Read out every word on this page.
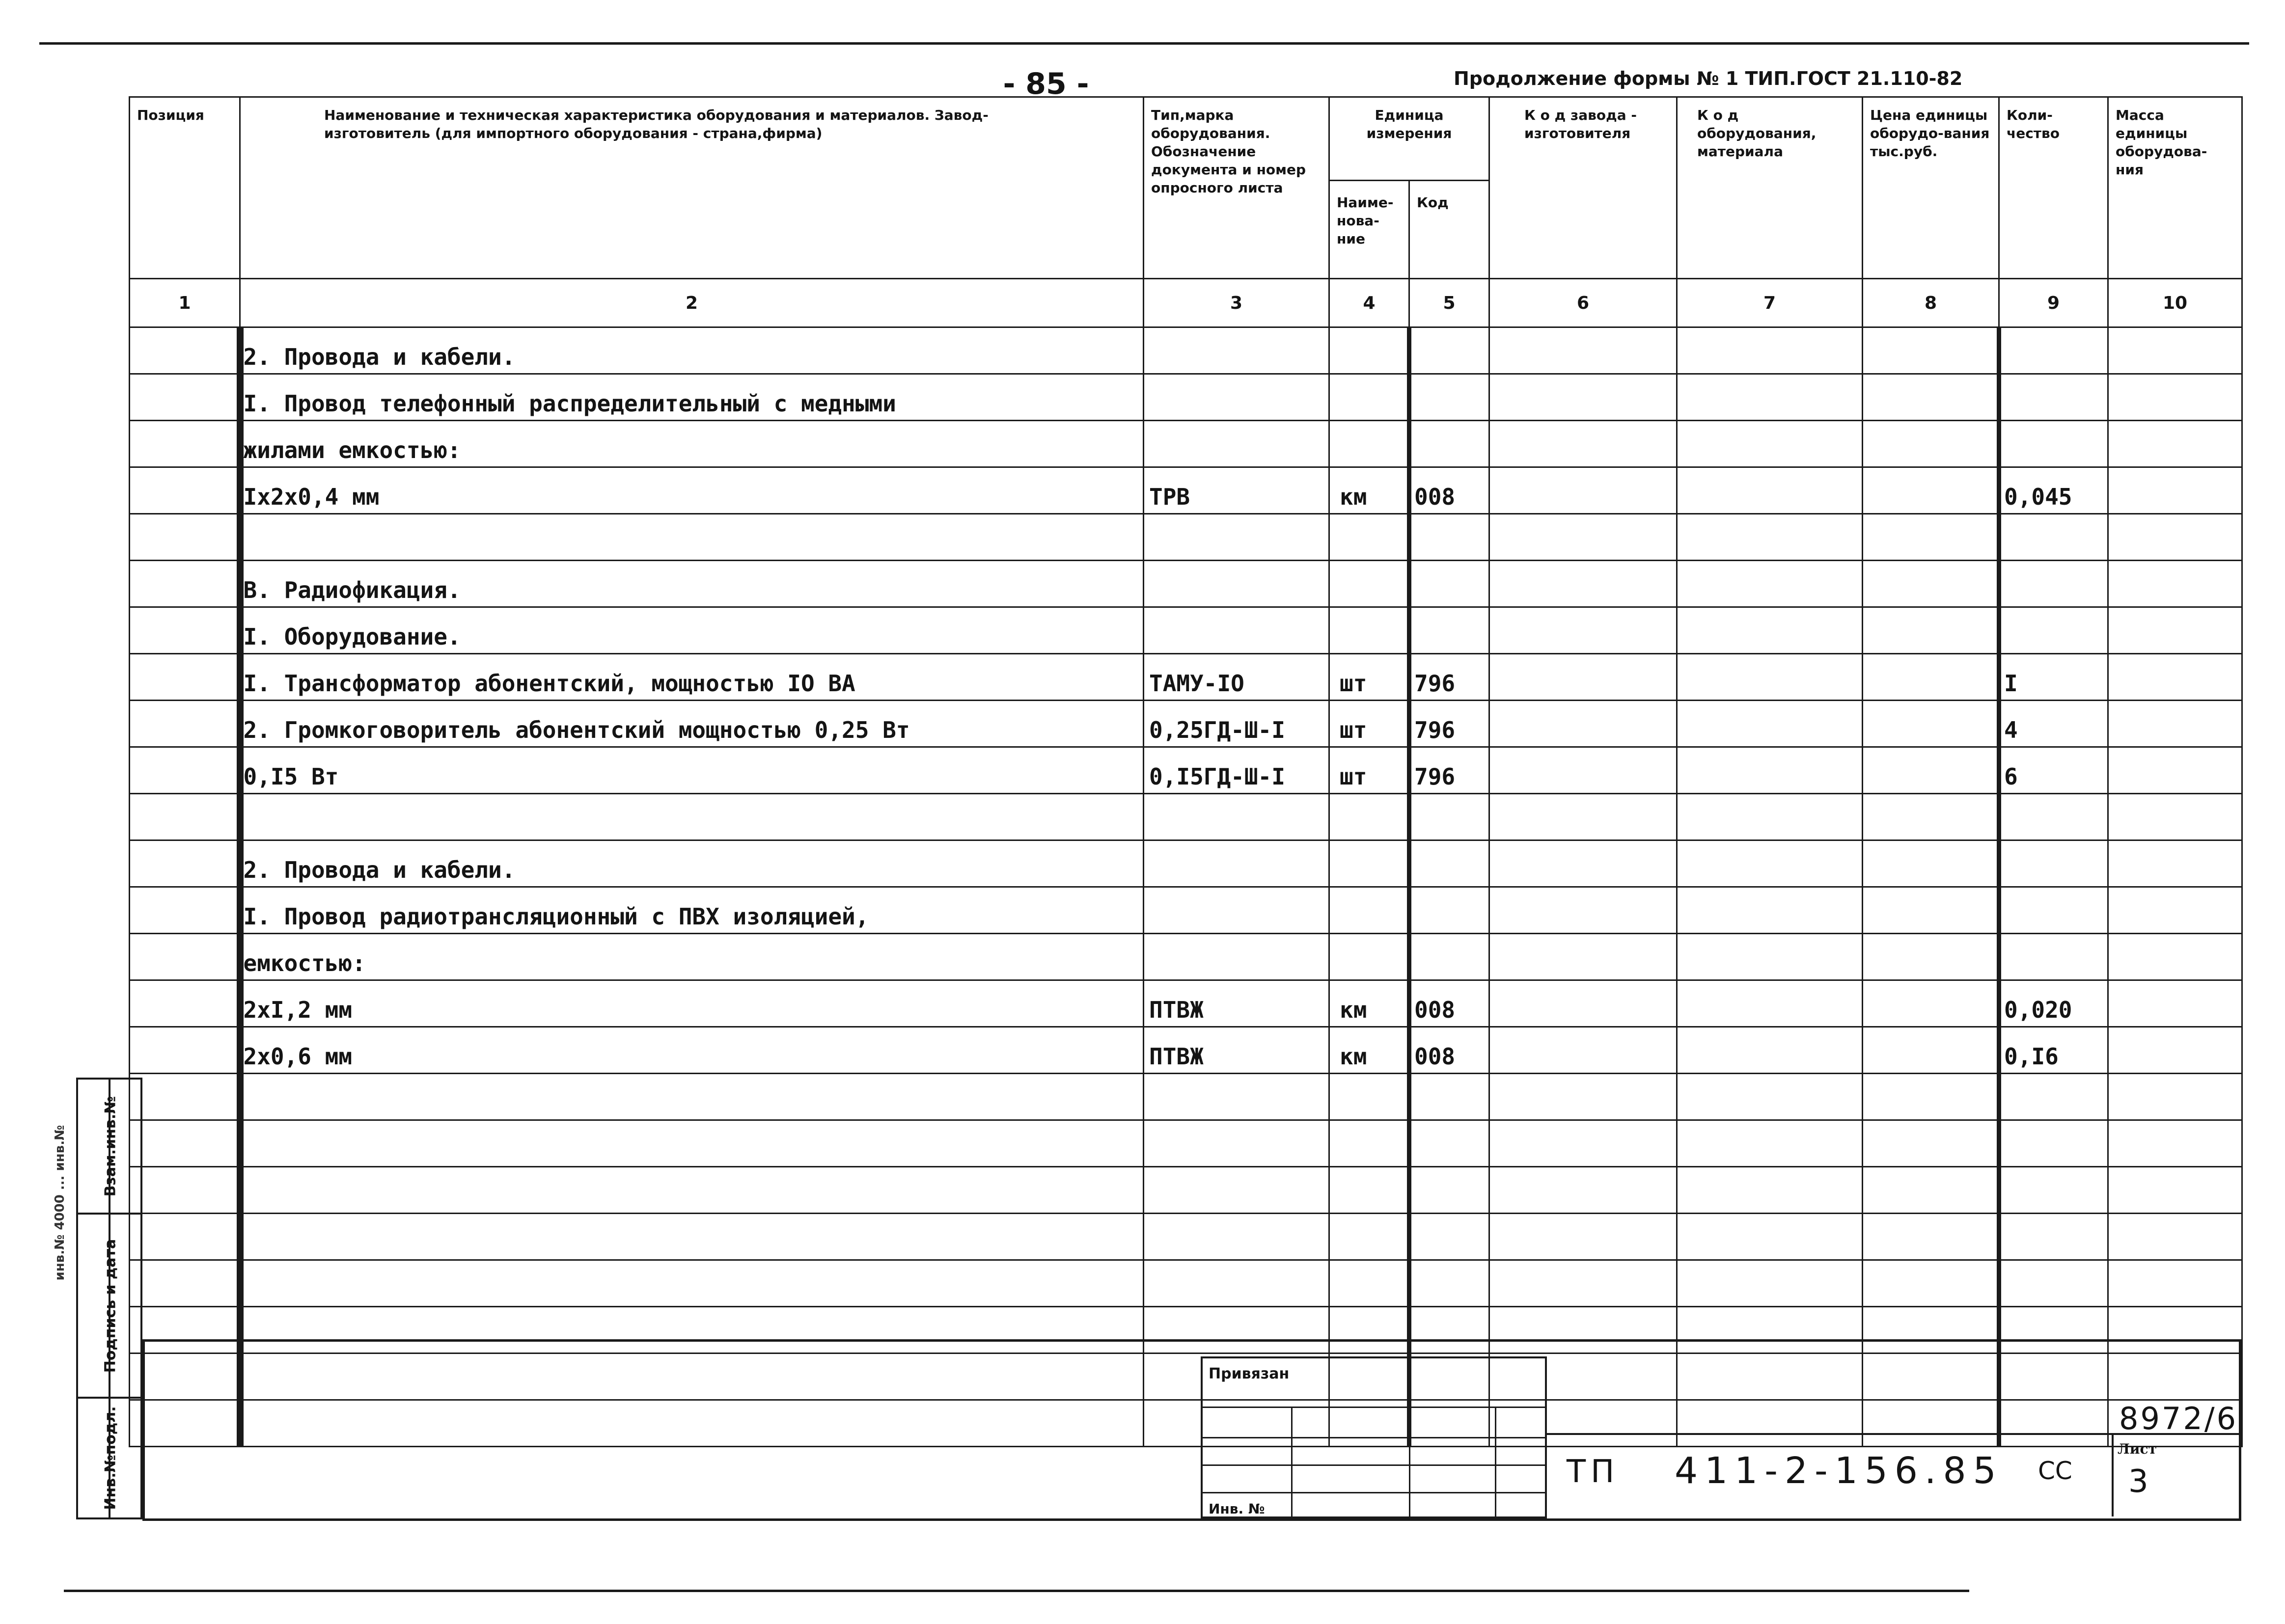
- 85 -	Продолжение формы № 1 ТИП.ГОСТ 21.110-82
Позиция	Наименование и техническая характеристика оборудования и материалов. Завод-изготовитель (для импортного оборудования - страна,фирма)	Тип,марка оборудования. Обозначение документа и номер опросного листа	Единица измерения		К о д завода - изготовителя	К о д оборудования, материала	Цена единицы оборудо-вания тыс.руб.	Коли-чество	Масса единицы оборудова-ния
			Наиме-нова-ние	Код					
1	2	3	4	5	6	7	8	9	10
	2. Провода и кабели.								
	I. Провод телефонный распределительный с медными								
	жилами емкостью:								
	Iх2х0,4 мм	ТРВ	км	008				0,045	

	В. Радиофикация.								
	I. Оборудование.								
	I. Трансформатор абонентский, мощностью IO ВА	ТАМУ-IO	шт	796				I	
	2. Громкоговоритель абонентский мощностью 0,25 Вт	0,25ГД-Ш-I	шт	796				4	
	0,I5 Вт	0,I5ГД-Ш-I	шт	796				6	

	2. Провода и кабели.								
	I. Провод радиотрансляционный с ПВХ изоляцией,								
	емкостью:								
	2хI,2 мм	ПТВЖ	км	008				0,020	
	2х0,6 мм	ПТВЖ	км	008				0,I6	

инв.№ 4000 ... инв.№ Взам.инв.№
Подпись и дата
Инв.№подл.
Привязан
Инв. №
8972/6
ТП 411-2-156.85 СС
Лист
3
